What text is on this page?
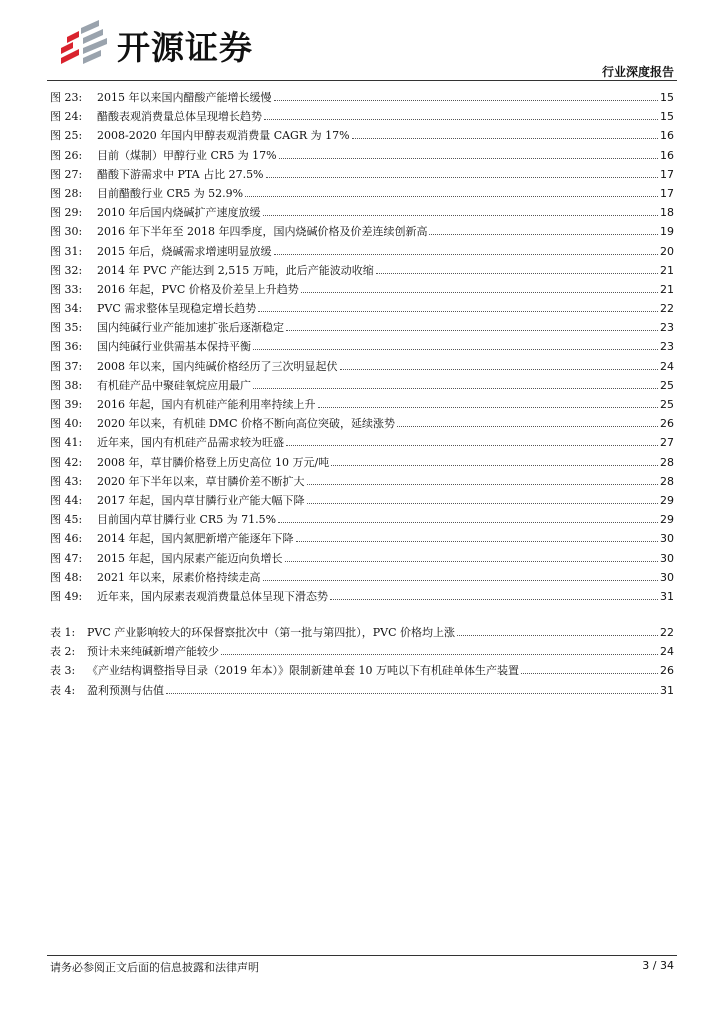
开源证券
行业深度报告
图 23:	2015 年以来国内醋酸产能增长缓慢	15
图 24:	醋酸表观消费量总体呈现增长趋势	15
图 25:	2008-2020 年国内甲醇表观消费量 CAGR 为 17%	16
图 26:	目前（煤制）甲醇行业 CR5 为 17%	16
图 27:	醋酸下游需求中 PTA 占比 27.5%	17
图 28:	目前醋酸行业 CR5 为 52.9%	17
图 29:	2010 年后国内烧碱扩产速度放缓	18
图 30:	2016 年下半年至 2018 年四季度，国内烧碱价格及价差连续创新高	19
图 31:	2015 年后，烧碱需求增速明显放缓	20
图 32:	2014 年 PVC 产能达到 2,515 万吨，此后产能波动收缩	21
图 33:	2016 年起，PVC 价格及价差呈上升趋势	21
图 34:	PVC 需求整体呈现稳定增长趋势	22
图 35:	国内纯碱行业产能加速扩张后逐渐稳定	23
图 36:	国内纯碱行业供需基本保持平衡	23
图 37:	2008 年以来，国内纯碱价格经历了三次明显起伏	24
图 38:	有机硅产品中聚硅氧烷应用最广	25
图 39:	2016 年起，国内有机硅产能利用率持续上升	25
图 40:	2020 年以来，有机硅 DMC 价格不断向高位突破，延续涨势	26
图 41:	近年来，国内有机硅产品需求较为旺盛	27
图 42:	2008 年，草甘膦价格登上历史高位 10 万元/吨	28
图 43:	2020 年下半年以来，草甘膦价差不断扩大	28
图 44:	2017 年起，国内草甘膦行业产能大幅下降	29
图 45:	目前国内草甘膦行业 CR5 为 71.5%	29
图 46:	2014 年起，国内氮肥新增产能逐年下降	30
图 47:	2015 年起，国内尿素产能迈向负增长	30
图 48:	2021 年以来，尿素价格持续走高	30
图 49:	近年来，国内尿素表观消费量总体呈现下滑态势	31
表 1:	PVC 产业影响较大的环保督察批次中（第一批与第四批），PVC 价格均上涨	22
表 2:	预计未来纯碱新增产能较少	24
表 3:	《产业结构调整指导目录（2019 年本）》限制新建单套 10 万吨以下有机硅单体生产装置	26
表 4:	盈利预测与估值	31
请务必参阅正文后面的信息披露和法律声明	3 / 34
